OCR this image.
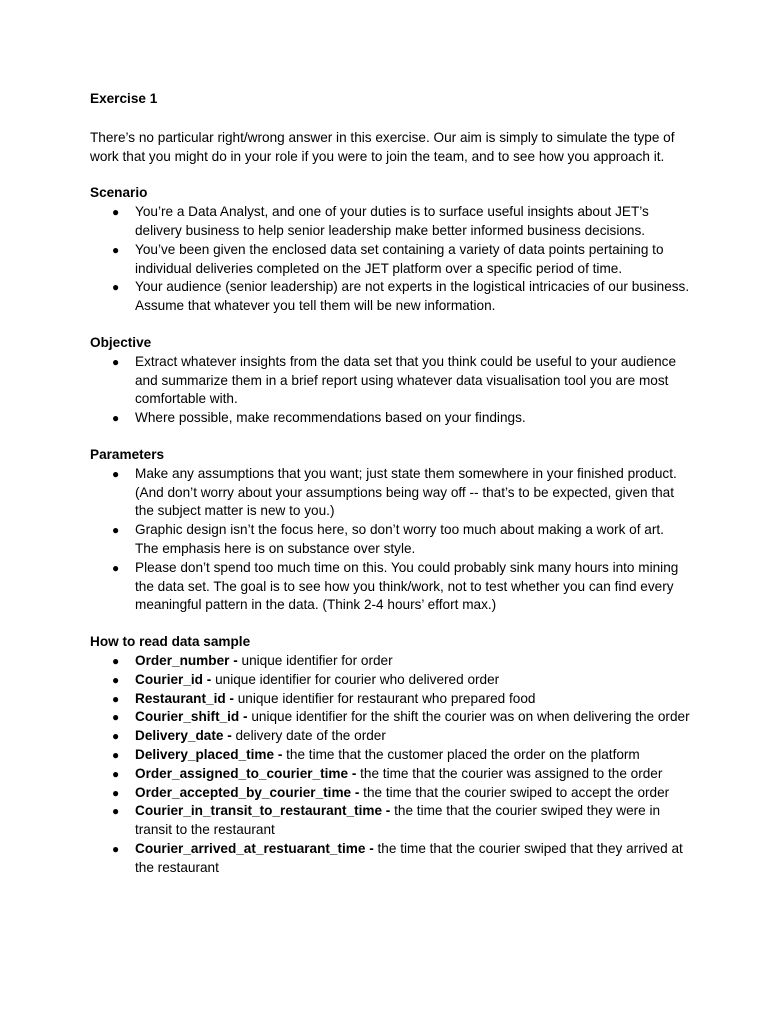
Exercise 1

There’s no particular right/wrong answer in this exercise. Our aim is simply to simulate the type of work that you might do in your role if you were to join the team, and to see how you approach it.

Scenario

● You’re a Data Analyst, and one of your duties is to surface useful insights about JET’s delivery business to help senior leadership make better informed business decisions.
● You’ve been given the enclosed data set containing a variety of data points pertaining to individual deliveries completed on the JET platform over a specific period of time.
● Your audience (senior leadership) are not experts in the logistical intricacies of our business. Assume that whatever you tell them will be new information.

Objective

● Extract whatever insights from the data set that you think could be useful to your audience and summarize them in a brief report using whatever data visualisation tool you are most comfortable with.
● Where possible, make recommendations based on your findings.

Parameters

● Make any assumptions that you want; just state them somewhere in your finished product. (And don’t worry about your assumptions being way off -- that’s to be expected, given that the subject matter is new to you.)
● Graphic design isn’t the focus here, so don’t worry too much about making a work of art. The emphasis here is on substance over style.
● Please don’t spend too much time on this. You could probably sink many hours into mining the data set. The goal is to see how you think/work, not to test whether you can find every meaningful pattern in the data. (Think 2-4 hours’ effort max.)

How to read data sample

● Order_number - unique identifier for order
● Courier_id - unique identifier for courier who delivered order
● Restaurant_id - unique identifier for restaurant who prepared food
● Courier_shift_id - unique identifier for the shift the courier was on when delivering the order
● Delivery_date - delivery date of the order
● Delivery_placed_time - the time that the customer placed the order on the platform
● Order_assigned_to_courier_time - the time that the courier was assigned to the order
● Order_accepted_by_courier_time - the time that the courier swiped to accept the order
● Courier_in_transit_to_restaurant_time - the time that the courier swiped they were in transit to the restaurant
● Courier_arrived_at_restuarant_time - the time that the courier swiped that they arrived at the restaurant
